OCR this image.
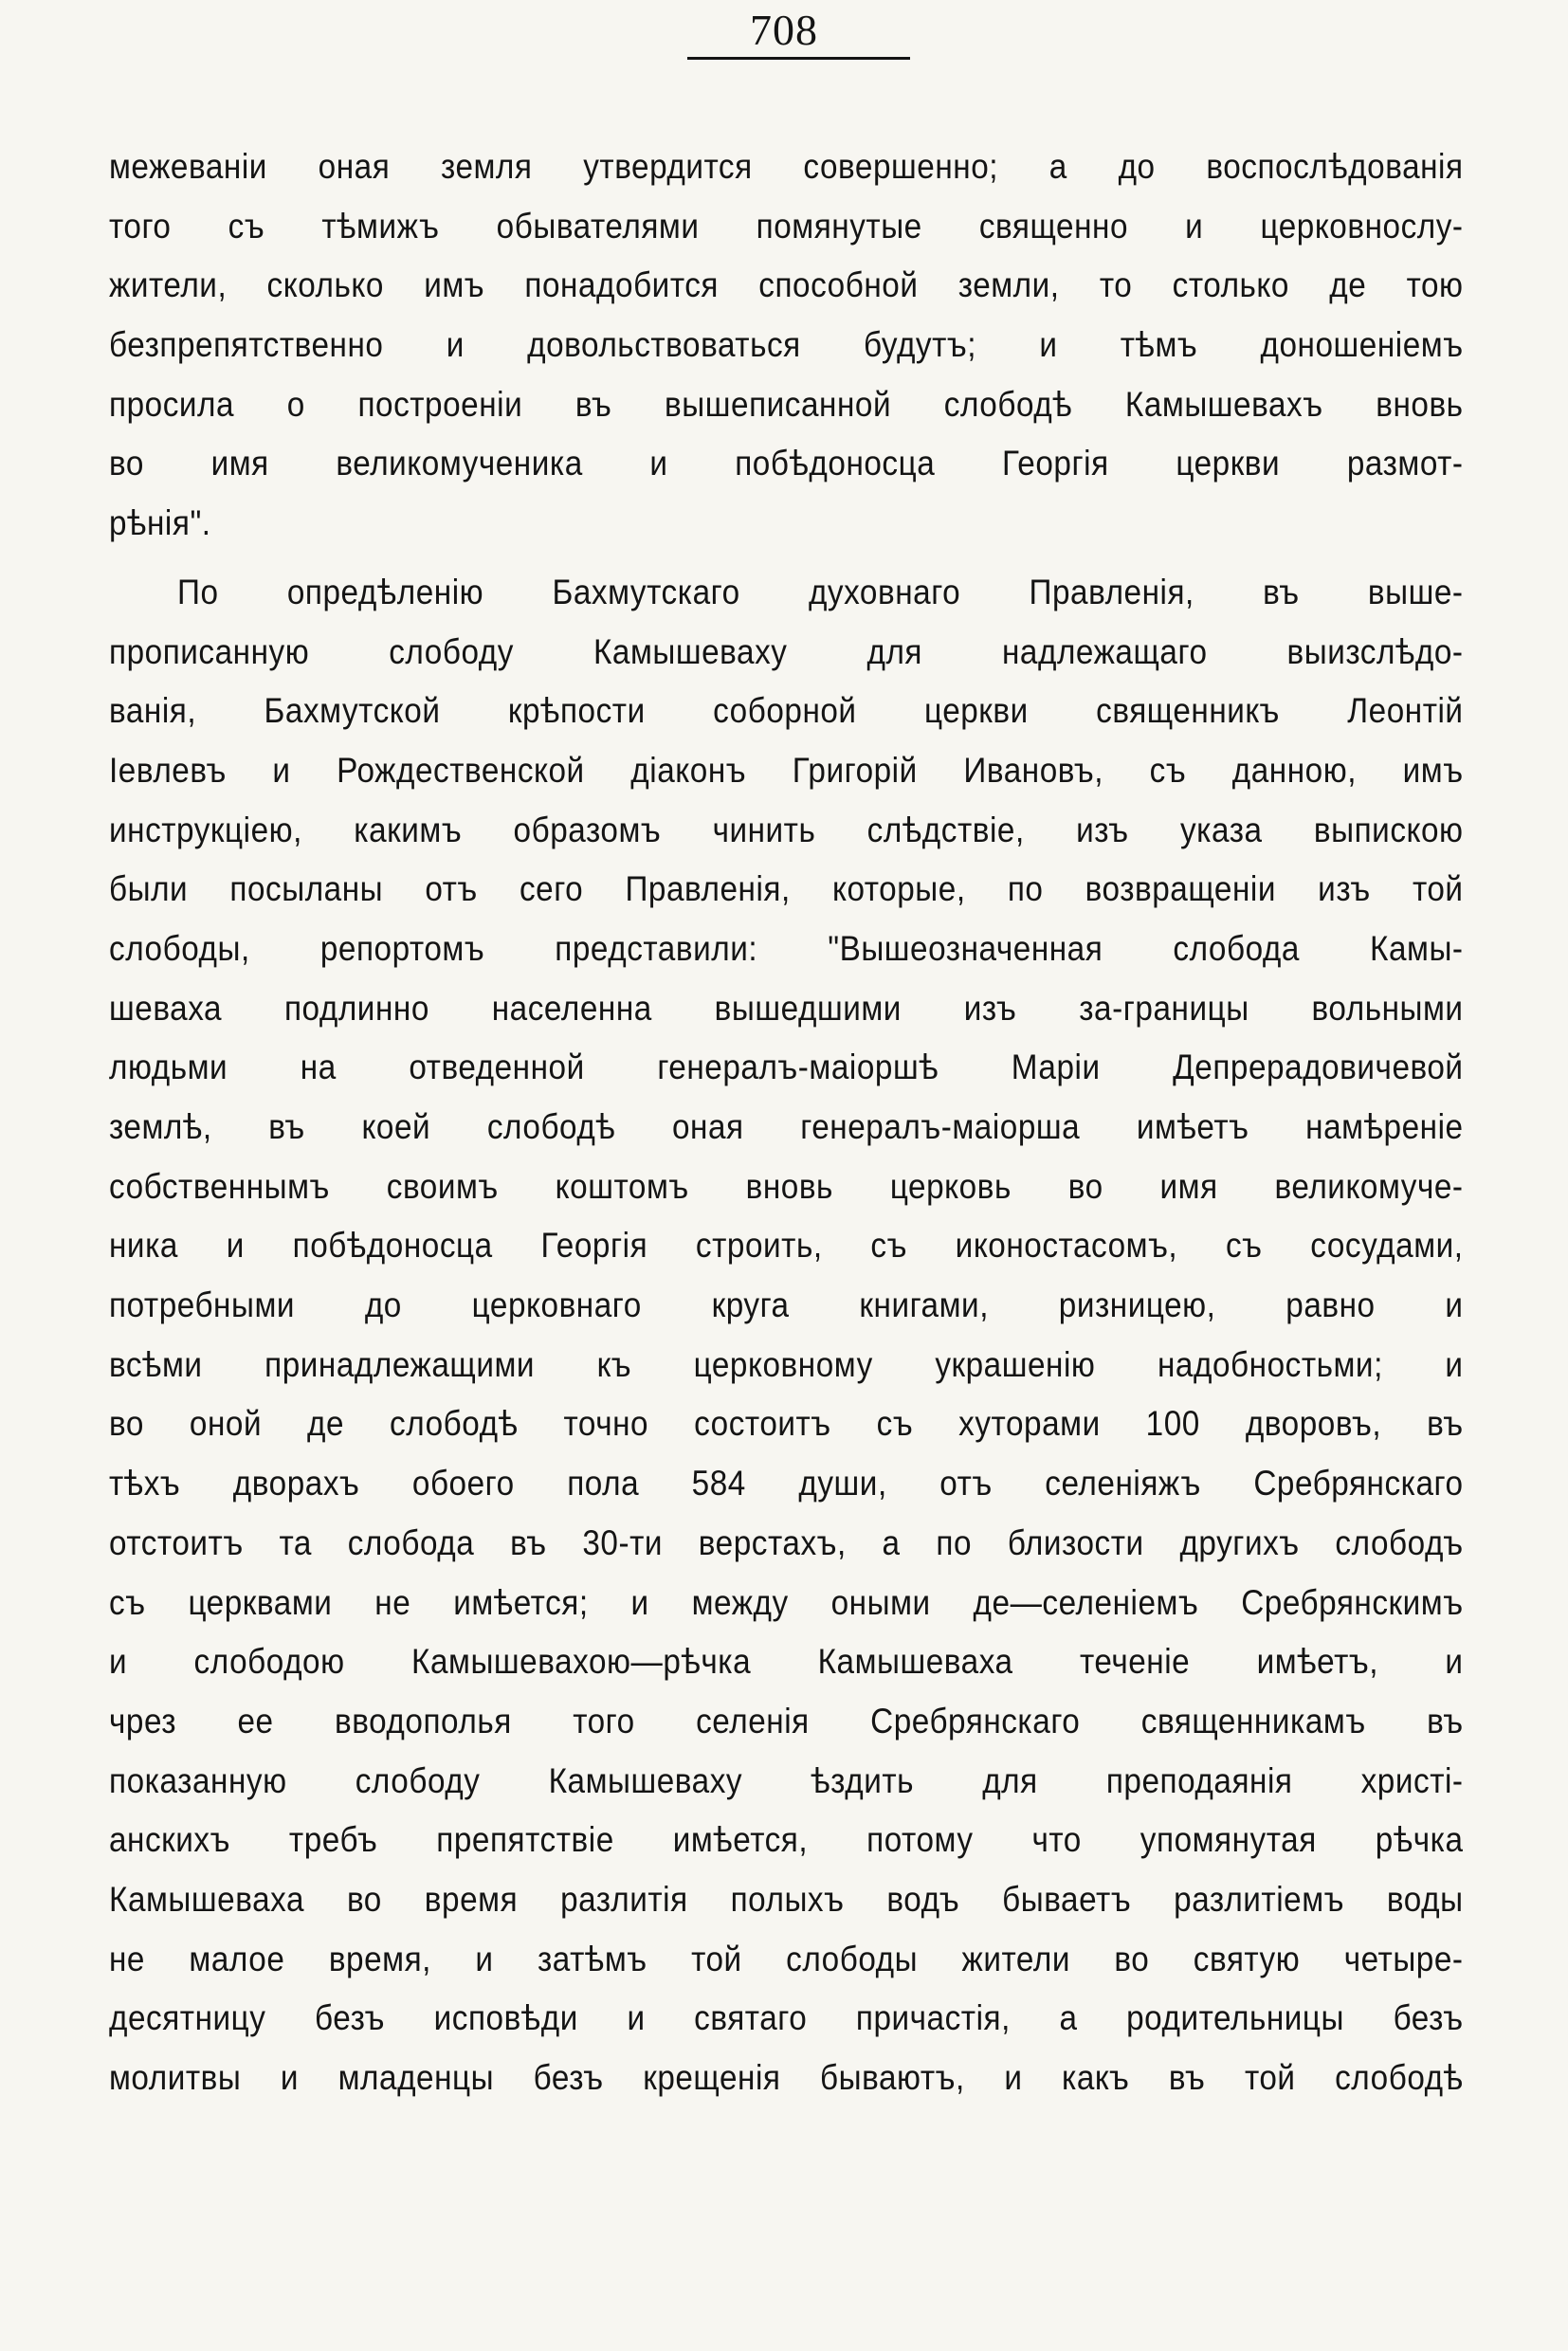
708
межеваніи оная земля утвердится совершенно; а до воспослѣдованія
того съ тѣмижъ обывателями помянутые священно и церковнослу-
жители, сколько имъ понадобится способной земли, то столько де тою
безпрепятственно и довольствоваться будутъ; и тѣмъ доношеніемъ
просила о построеніи въ вышеписанной слободѣ Камышевахъ вновь
во имя великомученика и побѣдоносца Георгія церкви размот-
рѣнія".
По опредѣленію Бахмутскаго духовнаго Правленія, въ выше-
прописанную слободу Камышеваху для надлежащаго выизслѣдо-
ванія, Бахмутской крѣпости соборной церкви священникъ Леонтій
Іевлевъ и Рождественской діаконъ Григорій Ивановъ, съ данною, имъ
инструкціею, какимъ образомъ чинить слѣдствіе, изъ указа выпискою
были посыланы отъ сего Правленія, которые, по возвращеніи изъ той
слободы, репортомъ представили: "Вышеозначенная слобода Камы-
шеваха подлинно населенна вышедшими изъ за-границы вольными
людьми на отведенной генералъ-маіоршѣ Маріи Депрерадовичевой
землѣ, въ коей слободѣ оная генералъ-маіорша имѣетъ намѣреніе
собственнымъ своимъ коштомъ вновь церковь во имя великомуче-
ника и побѣдоносца Георгія строить, съ иконостасомъ, съ сосудами,
потребными до церковнаго круга книгами, ризницею, равно и
всѣми принадлежащими къ церковному украшенію надобностьми; и
во оной де слободѣ точно состоитъ съ хуторами 100 дворовъ, въ
тѣхъ дворахъ обоего пола 584 души, отъ селеніяжъ Сребрянскаго
отстоитъ та слобода въ 30-ти верстахъ, а по близости другихъ слободъ
съ церквами не имѣется; и между оными де—селеніемъ Сребрянскимъ
и слободою Камышевахою—рѣчка Камышеваха теченіе имѣетъ, и
чрез ее вводополья того селенія Сребрянскаго священникамъ въ
показанную слободу Камышеваху ѣздить для преподаянія христі-
анскихъ требъ препятствіе имѣется, потому что упомянутая рѣчка
Камышеваха во время разлитія полыхъ водъ бываетъ разлитіемъ воды
не малое время, и затѣмъ той слободы жители во святую четыре-
десятницу безъ исповѣди и святаго причастія, а родительницы безъ
молитвы и младенцы безъ крещенія бываютъ, и какъ въ той слободѣ
